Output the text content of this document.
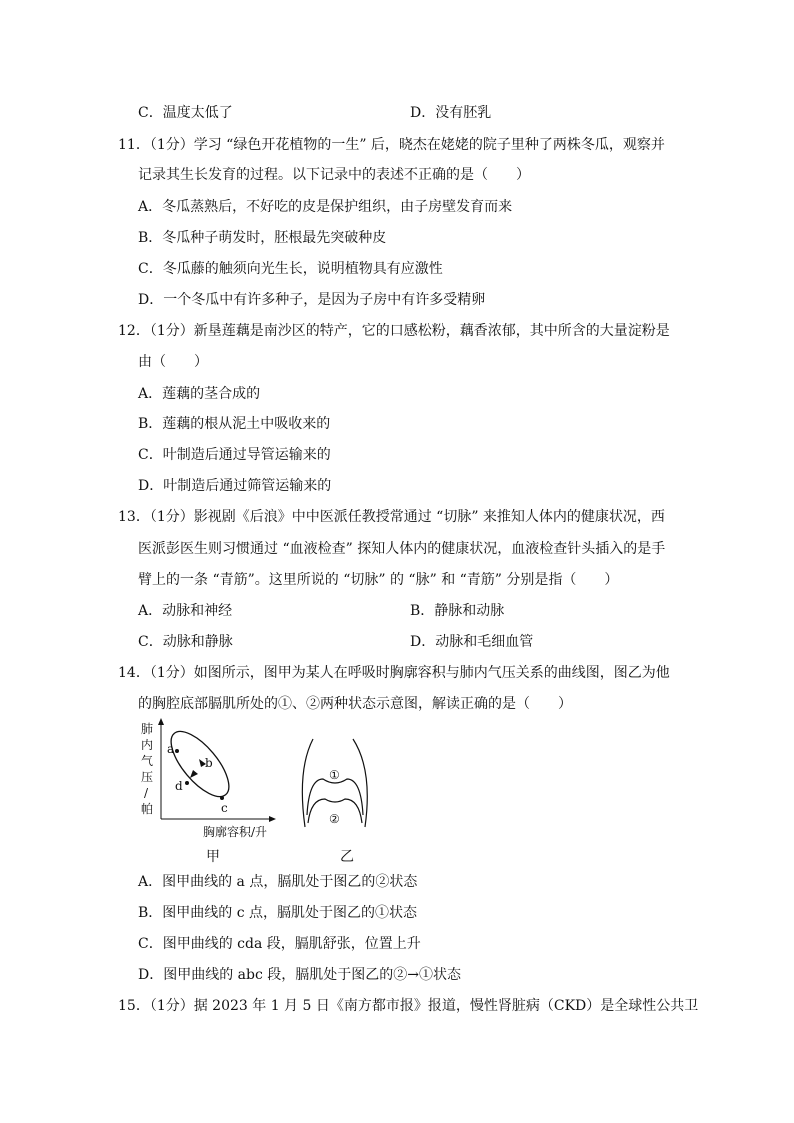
C．温度太低了	D．没有胚乳
11．（1分）学习 “绿色开花植物的一生” 后，晓杰在姥姥的院子里种了两株冬瓜，观察并
记录其生长发育的过程。以下记录中的表述不正确的是（　　）
A．冬瓜蒸熟后，不好吃的皮是保护组织，由子房壁发育而来
B．冬瓜种子萌发时，胚根最先突破种皮
C．冬瓜藤的触须向光生长，说明植物具有应激性
D．一个冬瓜中有许多种子，是因为子房中有许多受精卵
12．（1分）新垦莲藕是南沙区的特产，它的口感松粉，藕香浓郁，其中所含的大量淀粉是
由（　　）
A．莲藕的茎合成的
B．莲藕的根从泥土中吸收来的
C．叶制造后通过导管运输来的
D．叶制造后通过筛管运输来的
13．（1分）影视剧《后浪》中中医派任教授常通过 “切脉” 来推知人体内的健康状况，西
医派彭医生则习惯通过 “血液检查” 探知人体内的健康状况，血液检查针头插入的是手
臂上的一条 “青筋”。这里所说的 “切脉” 的 “脉” 和 “青筋” 分别是指（　　）
A．动脉和神经	B．静脉和动脉
C．动脉和静脉	D．动脉和毛细血管
14．（1分）如图所示，图甲为某人在呼吸时胸廓容积与肺内气压关系的曲线图，图乙为他
的胸腔底部膈肌所处的①、②两种状态示意图，解读正确的是（　　）
肺
内
气
压
/
帕
a
b
c
d
胸廓容积/升
甲
①
②
乙
A．图甲曲线的 a 点，膈肌处于图乙的②状态
B．图甲曲线的 c 点，膈肌处于图乙的①状态
C．图甲曲线的 cda 段，膈肌舒张，位置上升
D．图甲曲线的 abc 段，膈肌处于图乙的②→①状态
15．（1分）据 2023 年 1 月 5 日《南方都市报》报道，慢性肾脏病（CKD）是全球性公共卫
